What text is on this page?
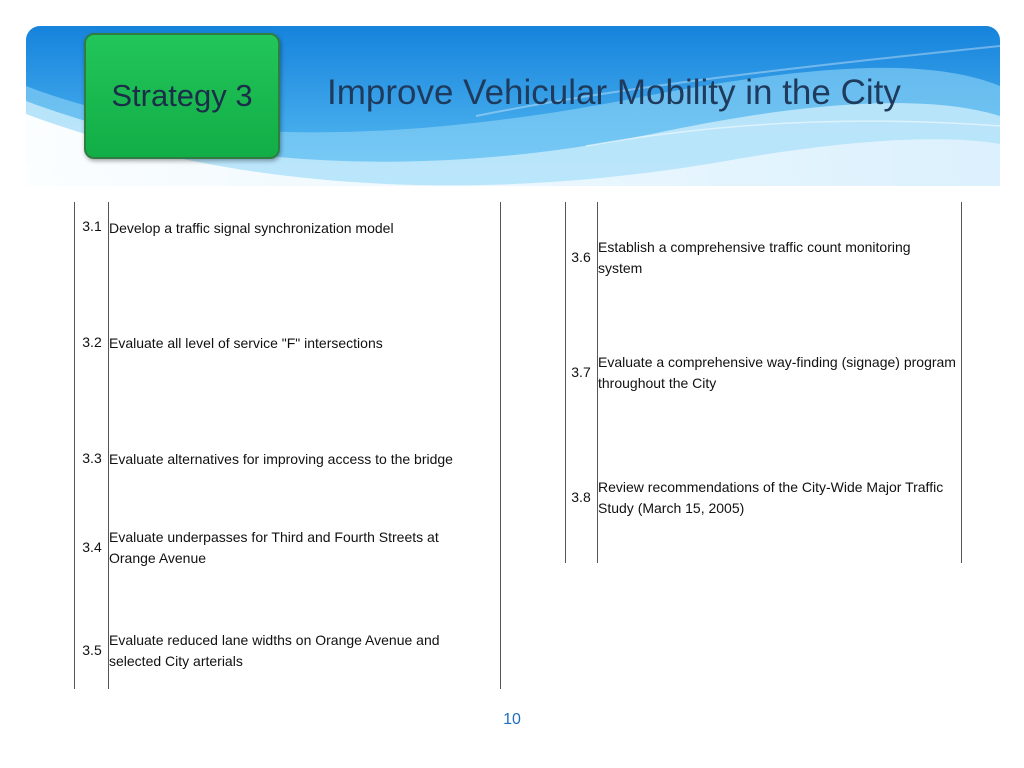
Strategy 3 Improve Vehicular Mobility in the City
3.1 Develop a traffic signal synchronization model
3.2 Evaluate all level of service "F" intersections
3.3 Evaluate alternatives for improving access to the bridge
3.4
Evaluate underpasses for Third and Fourth Streets at Orange Avenue
3.5
Evaluate reduced lane widths on Orange Avenue and selected City arterials
3.6
Establish a comprehensive traffic count monitoring system
3.7
Evaluate a comprehensive way-finding (signage) program throughout the City
3.8
Review recommendations of the City-Wide Major Traffic Study (March 15, 2005)
10
